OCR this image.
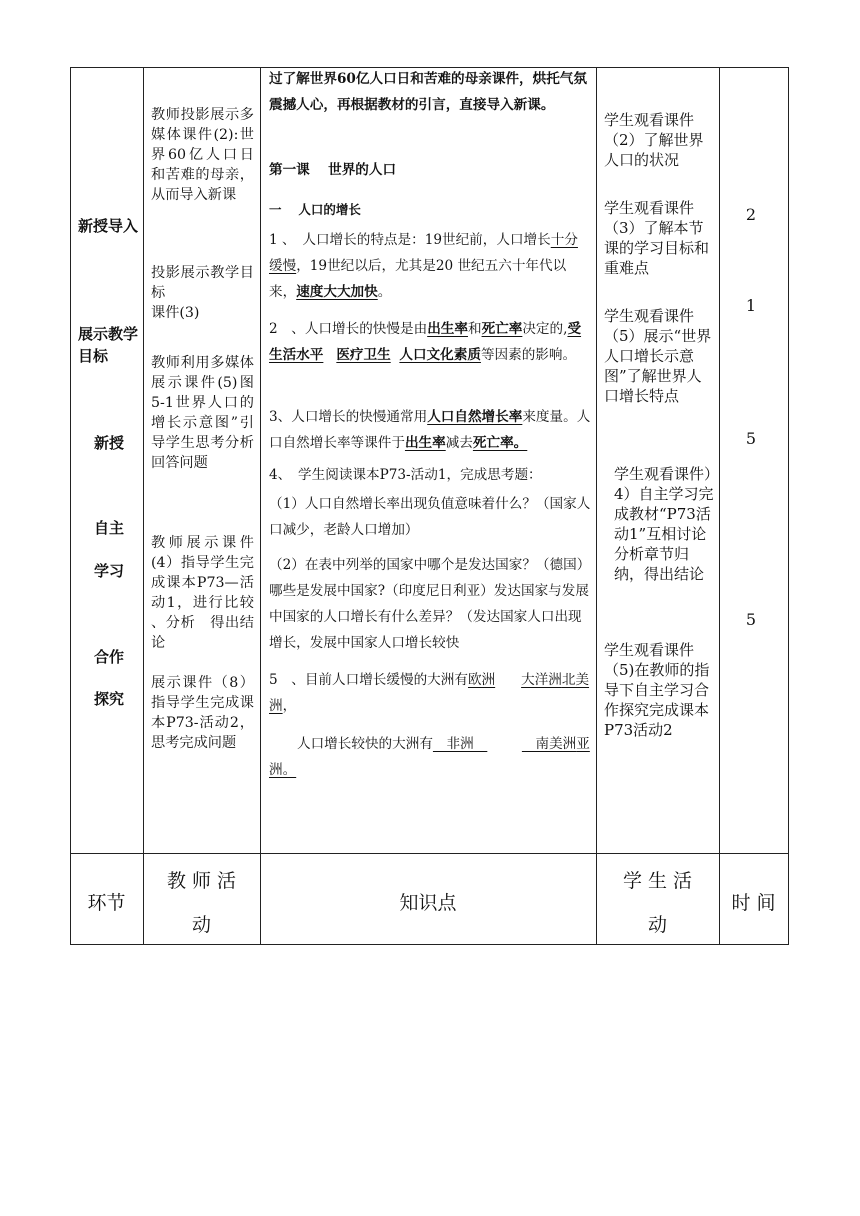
新授导入
展示教学目标
新授
自主
学习
合作
探究
教师投影展示多媒体课件(2):世界60亿人口日和苦难的母亲，从而导入新课
投影展示教学目标
课件(3)
教师利用多媒体展示课件(5)图5-1世界人口的增长示意图”引导学生思考分析回答问题
教师展示课件(4）指导学生完成课本P73—活动1，进行比较 、分析　得出结论
展示课件（8）指导学生完成课本P73-活动2，思考完成问题
过了解世界60亿人口日和苦难的母亲课件，烘托气氛震撼人心，再根据教材的引言，直接导入新课。
第一课　 世界的人口
一　 人口的增长
1 、　人口增长的特点是：19世纪前，人口增长十分缓慢，19世纪以后，尤其是20 世纪五六十年代以来，速度大大加快。
2　、人口增长的快慢是由出生率和死亡率决定的,受生活水平 医疗卫生 人口文化素质等因素的影响。
3、人口增长的快慢通常用人口自然增长率来度量。人口自然增长率等课件于出生率减去死亡率。
4、　学生阅读课本P73-活动1，完成思考题：
（1）人口自然增长率出现负值意味着什么？（国家人口减少，老龄人口增加）
（2）在表中列举的国家中哪个是发达国家？（德国）哪些是发展中国家?（印度尼日利亚）发达国家与发展中国家的人口增长有什么差异？（发达国家人口出现增长，发展中国家人口增长较快
5　、目前人口增长缓慢的大洲有欧洲 大洋洲北美洲，
人口增长较快的大洲有　非洲　	　南美洲亚洲。
学生观看课件（2）了解世界人口的状况
学生观看课件（3）了解本节课的学习目标和重难点
学生观看课件（5）展示“世界人口增长示意图”了解世界人口增长特点
学生观看课件）4）自主学习完成教材“P73活动1”互相讨论分析章节归纳，得出结论
学生观看课件（5)在教师的指导下自主学习合作探究完成课本P73活动2
2
1
5
5
环节
教 师 活
动
知识点
学 生 活
动
时 间
